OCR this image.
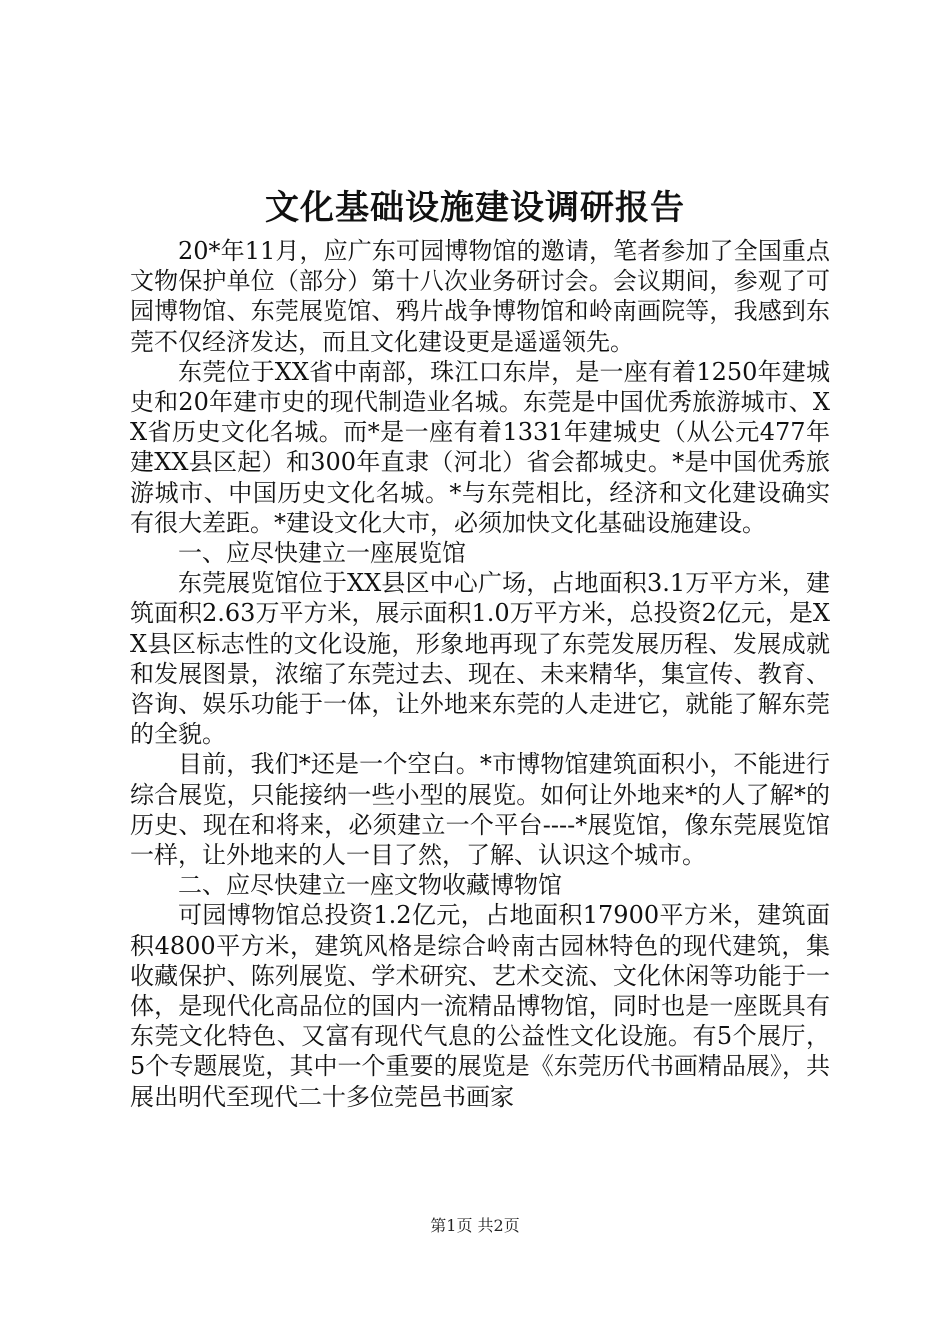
文化基础设施建设调研报告

20*年11月，应广东可园博物馆的邀请，笔者参加了全国重点文物保护单位（部分）第十八次业务研讨会。会议期间，参观了可园博物馆、东莞展览馆、鸦片战争博物馆和岭南画院等，我感到东莞不仅经济发达，而且文化建设更是遥遥领先。

东莞位于XX省中南部，珠江口东岸，是一座有着1250年建城史和20年建市史的现代制造业名城。东莞是中国优秀旅游城市、XX省历史文化名城。而*是一座有着1331年建城史（从公元477年建XX县区起）和300年直隶（河北）省会都城史。*是中国优秀旅游城市、中国历史文化名城。*与东莞相比，经济和文化建设确实有很大差距。*建设文化大市，必须加快文化基础设施建设。

一、应尽快建立一座展览馆

东莞展览馆位于XX县区中心广场，占地面积3.1万平方米，建筑面积2.63万平方米，展示面积1.0万平方米，总投资2亿元，是XX县区标志性的文化设施，形象地再现了东莞发展历程、发展成就和发展图景，浓缩了东莞过去、现在、未来精华，集宣传、教育、咨询、娱乐功能于一体，让外地来东莞的人走进它，就能了解东莞的全貌。

目前，我们*还是一个空白。*市博物馆建筑面积小，不能进行综合展览，只能接纳一些小型的展览。如何让外地来*的人了解*的历史、现在和将来，必须建立一个平台----*展览馆，像东莞展览馆一样，让外地来的人一目了然，了解、认识这个城市。

二、应尽快建立一座文物收藏博物馆

可园博物馆总投资1.2亿元，占地面积17900平方米，建筑面积4800平方米，建筑风格是综合岭南古园林特色的现代建筑，集收藏保护、陈列展览、学术研究、艺术交流、文化休闲等功能于一体，是现代化高品位的国内一流精品博物馆，同时也是一座既具有东莞文化特色、又富有现代气息的公益性文化设施。有5个展厅，5个专题展览，其中一个重要的展览是《东莞历代书画精品展》，共展出明代至现代二十多位莞邑书画家

第1页 共2页
